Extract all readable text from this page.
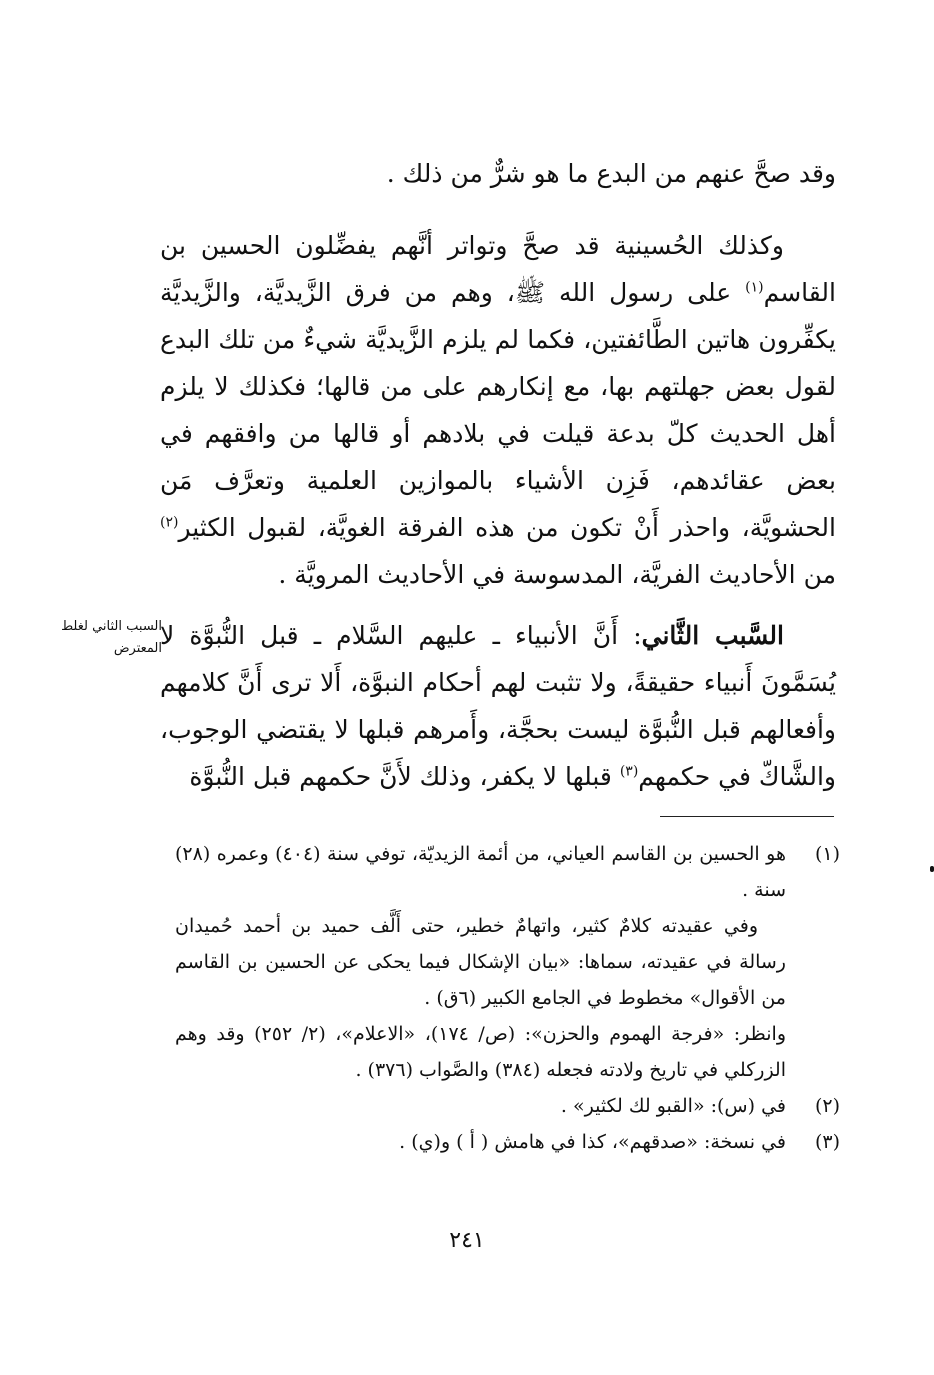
وقد صحَّ عنهم من البدع ما هو شرٌّ من ذلك .

وكذلك الحُسينية قد صحَّ وتواتر أنَّهم يفضِّلون الحسين بن القاسم$^{(١)}$ على رسول الله ﷺ، وهم من فرق الزَّيديَّة، والزَّيديَّة يكفِّرون هاتين الطَّائفتين، فكما لم يلزم الزَّيديَّة شيءٌ من تلك البدع لقول بعض جهلتهم بها، مع إنكارهم على من قالها؛ فكذلك لا يلزم أهل الحديث كلّ بدعة قيلت في بلادهم أو قالها من وافقهم في بعض عقائدهم، فَزِن الأشياء بالموازين العلمية وتعرَّف مَن الحشويَّة، واحذر أَنْ تكون من هذه الفرقة الغويَّة، لقبول الكثير$^{(٢)}$ من الأحاديث الفريَّة، المدسوسة في الأحاديث المرويَّة .

السَّبب الثَّاني: أَنَّ الأنبياء ـ عليهم السَّلام ـ قبل النُّبوَّة لا يُسَمَّونَ أَنبياء حقيقةً، ولا تثبت لهم أحكام النبوَّة، أَلا ترى أَنَّ كلامهم وأفعالهم قبل النُّبوَّة ليست بحجَّة، وأَمرهم قبلها لا يقتضي الوجوب، والشَّاكّ في حكمهم$^{(٣)}$ قبلها لا يكفر، وذلك لأَنَّ حكمهم قبل النُّبوَّة

السبب الثاني لغلط
المعترض

(١)
هو الحسين بن القاسم العياني، من أئمة الزيديّة، توفي سنة (٤٠٤) وعمره (٢٨) سنة .

وفي عقيدته كلامٌ كثير، واتهامٌ خطير، حتى أَلَّف حميد بن أحمد حُميدان رسالة في عقيدته، سماها: «بيان الإشكال فيما يحكى عن الحسين بن القاسم من الأقوال» مخطوط في الجامع الكبير (٦ق) .

وانظر: «فرجة الهموم والحزن»: (ص/ ١٧٤)، «الاعلام»، (٢/ ٢٥٢) وقد وهم الزركلي في تاريخ ولادته فجعله (٣٨٤) والصَّواب (٣٧٦) .

(٢)
في (س): «القبو لك لكثير» .

(٣)
في نسخة: «صدقهم»، كذا في هامش ( أ ) و(ي) .

٢٤١
